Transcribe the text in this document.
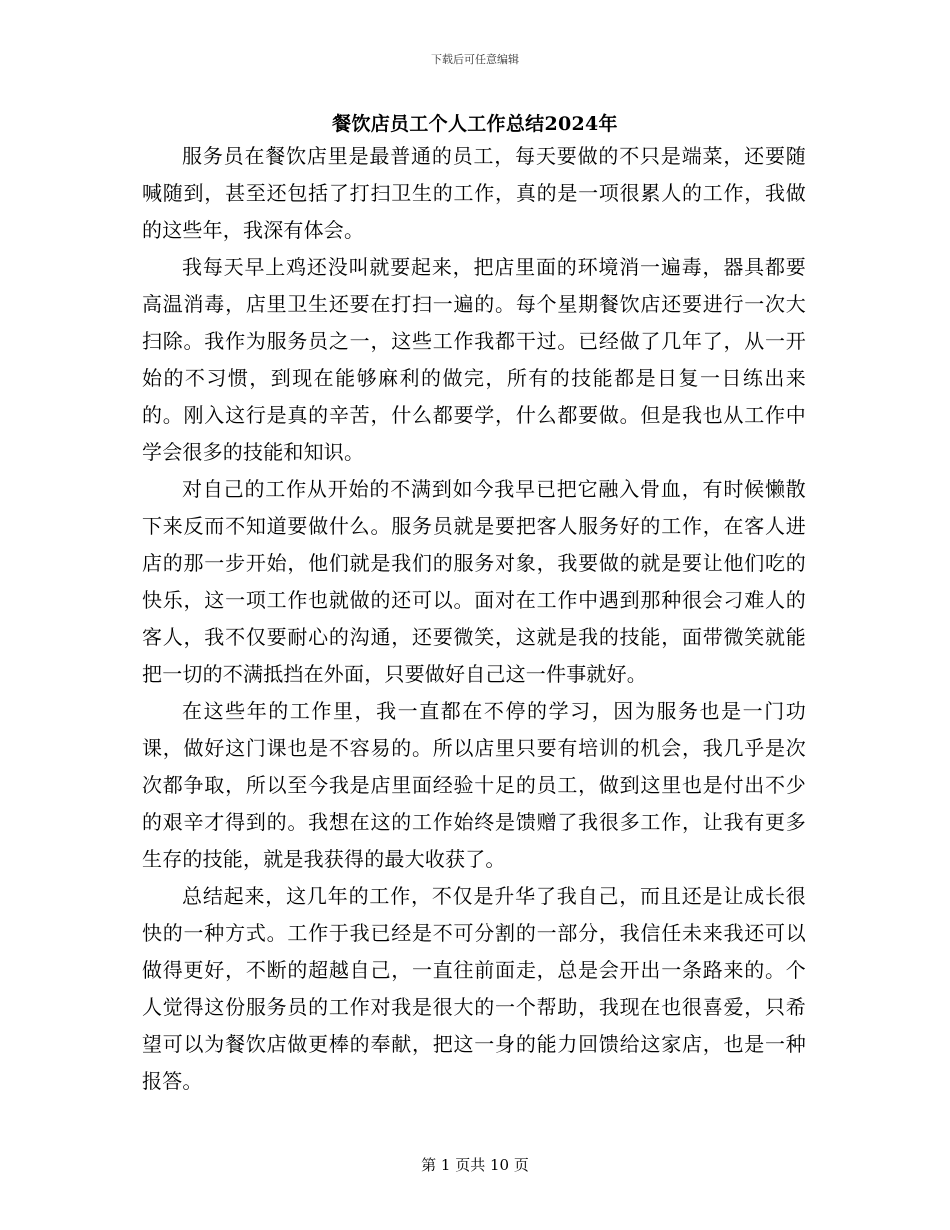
下载后可任意编辑
餐饮店员工个人工作总结2024年

服务员在餐饮店里是最普通的员工，每天要做的不只是端菜，还要随喊随到，甚至还包括了打扫卫生的工作，真的是一项很累人的工作，我做的这些年，我深有体会。

我每天早上鸡还没叫就要起来，把店里面的环境消一遍毒，器具都要高温消毒，店里卫生还要在打扫一遍的。每个星期餐饮店还要进行一次大扫除。我作为服务员之一，这些工作我都干过。已经做了几年了，从一开始的不习惯，到现在能够麻利的做完，所有的技能都是日复一日练出来的。刚入这行是真的辛苦，什么都要学，什么都要做。但是我也从工作中学会很多的技能和知识。

对自己的工作从开始的不满到如今我早已把它融入骨血，有时候懒散下来反而不知道要做什么。服务员就是要把客人服务好的工作，在客人进店的那一步开始，他们就是我们的服务对象，我要做的就是要让他们吃的快乐，这一项工作也就做的还可以。面对在工作中遇到那种很会刁难人的客人，我不仅要耐心的沟通，还要微笑，这就是我的技能，面带微笑就能把一切的不满抵挡在外面，只要做好自己这一件事就好。

在这些年的工作里，我一直都在不停的学习，因为服务也是一门功课，做好这门课也是不容易的。所以店里只要有培训的机会，我几乎是次次都争取，所以至今我是店里面经验十足的员工，做到这里也是付出不少的艰辛才得到的。我想在这的工作始终是馈赠了我很多工作，让我有更多生存的技能，就是我获得的最大收获了。

总结起来，这几年的工作，不仅是升华了我自己，而且还是让成长很快的一种方式。工作于我已经是不可分割的一部分，我信任未来我还可以做得更好，不断的超越自己，一直往前面走，总是会开出一条路来的。个人觉得这份服务员的工作对我是很大的一个帮助，我现在也很喜爱，只希望可以为餐饮店做更棒的奉献，把这一身的能力回馈给这家店，也是一种报答。

第 1 页共 10 页
